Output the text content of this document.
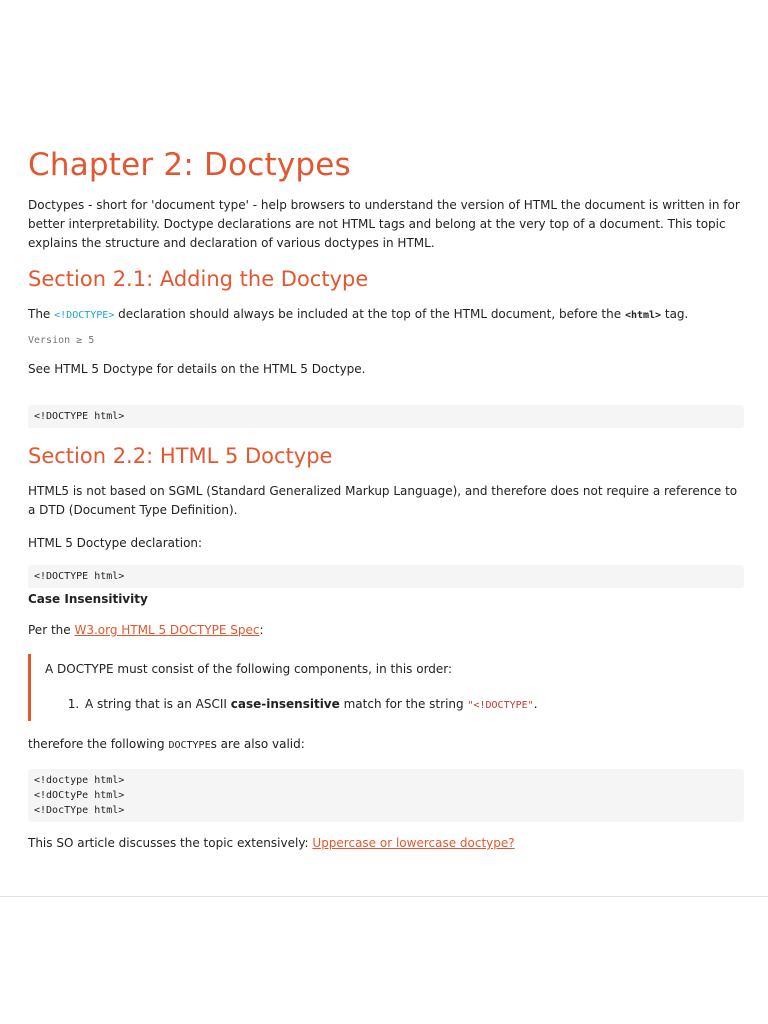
Chapter 2: Doctypes

Doctypes - short for 'document type' - help browsers to understand the version of HTML the document is written in for better interpretability. Doctype declarations are not HTML tags and belong at the very top of a document. This topic explains the structure and declaration of various doctypes in HTML.

Section 2.1: Adding the Doctype

The <!DOCTYPE> declaration should always be included at the top of the HTML document, before the <html> tag.

Version ≥ 5

See HTML 5 Doctype for details on the HTML 5 Doctype.

<!DOCTYPE html>
Section 2.2: HTML 5 Doctype

HTML5 is not based on SGML (Standard Generalized Markup Language), and therefore does not require a reference to a DTD (Document Type Definition).

HTML 5 Doctype declaration:

<!DOCTYPE html>

Case Insensitivity

Per the W3.org HTML 5 DOCTYPE Spec:

A DOCTYPE must consist of the following components, in this order:

1. A string that is an ASCII case-insensitive match for the string "<!DOCTYPE".

therefore the following DOCTYPEs are also valid:

<!doctype html>
<!dOCtyPe html>
<!DocTYpe html>

This SO article discusses the topic extensively: Uppercase or lowercase doctype?
